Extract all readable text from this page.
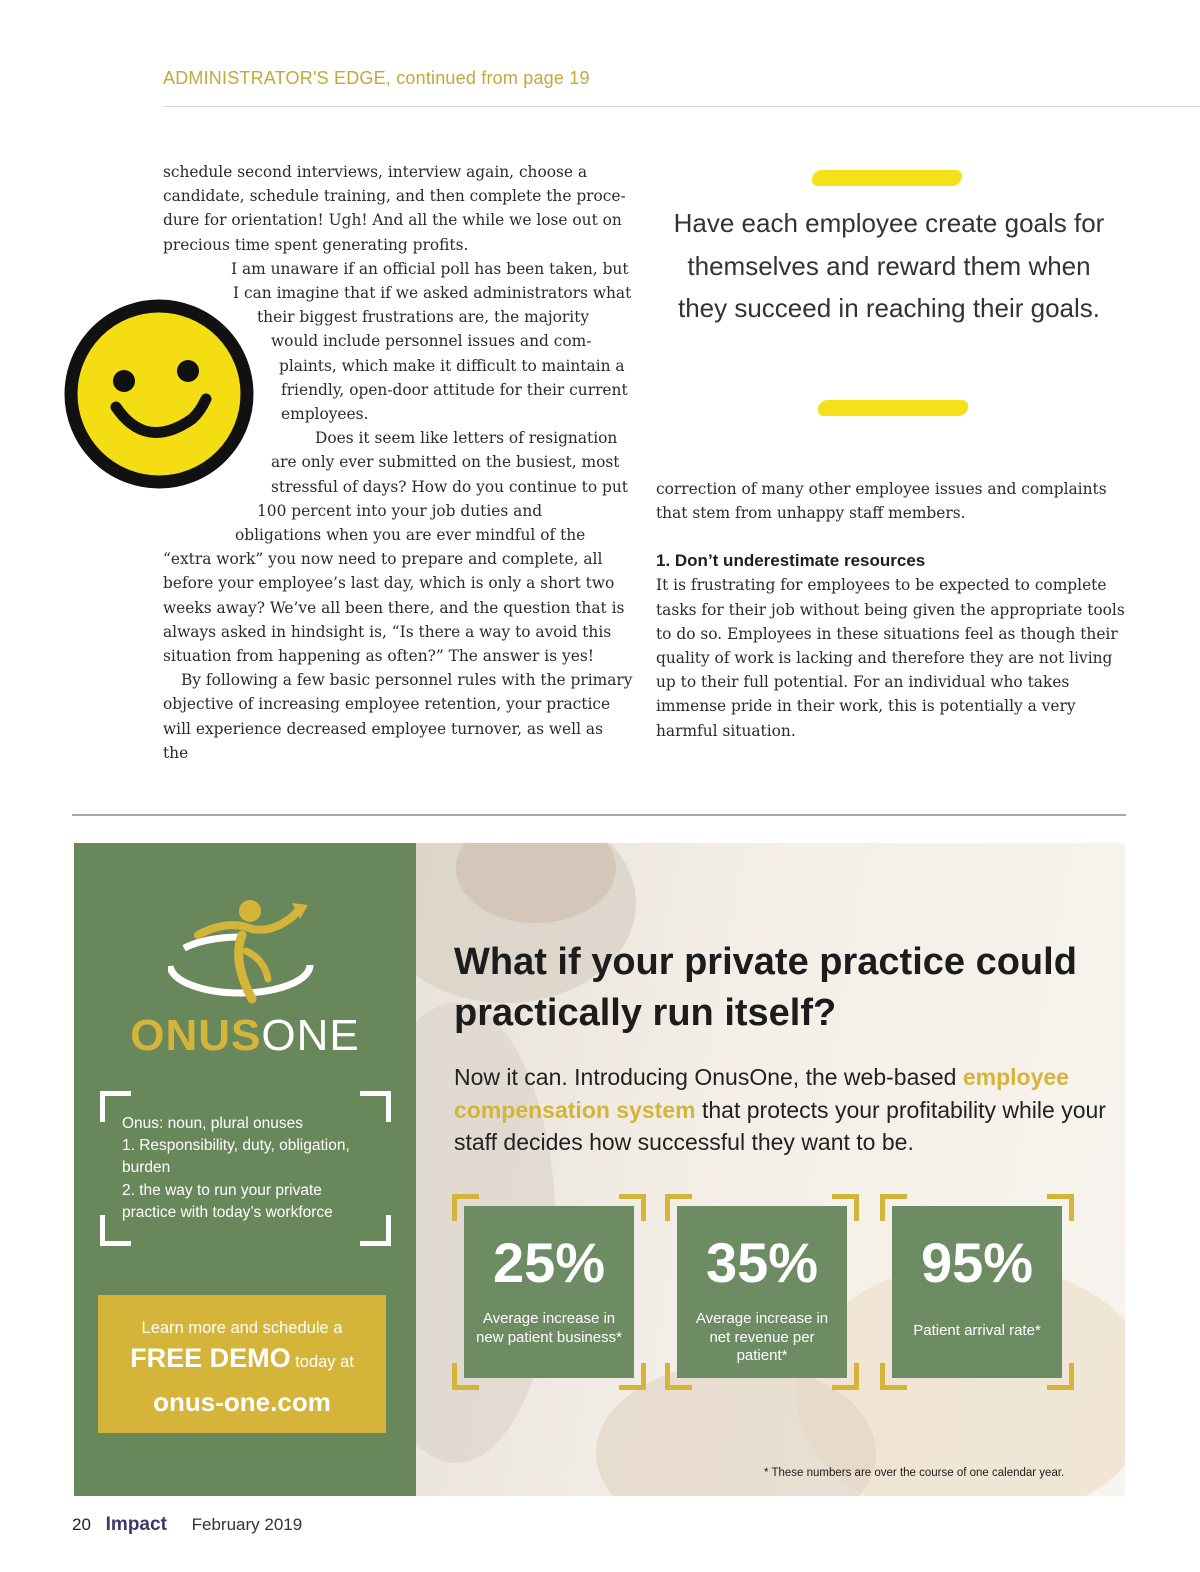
ADMINISTRATOR'S EDGE, continued from page 19

schedule second interviews, interview again, choose a candidate, schedule training, and then complete the proce-dure for orientation! Ugh! And all the while we lose out on precious time spent generating profits.

I am unaware if an official poll has been taken, but I can imagine that if we asked administrators what their biggest frustrations are, the majority would include personnel issues and com-plaints, which make it difficult to maintain a friendly, open-door attitude for their current employees.

Does it seem like letters of resignation are only ever submitted on the busiest, most stressful of days? How do you continue to put 100 percent into your job duties and obligations when you are ever mindful of the “extra work” you now need to prepare and complete, all before your employee’s last day, which is only a short two weeks away? We’ve all been there, and the question that is always asked in hindsight is, “Is there a way to avoid this situation from happening as often?” The answer is yes!

By following a few basic personnel rules with the primary objective of increasing employee retention, your practice will experience decreased employee turnover, as well as the

Have each employee create goals for themselves and reward them when they succeed in reaching their goals.

correction of many other employee issues and complaints that stem from unhappy staff members.

1. Don’t underestimate resources

It is frustrating for employees to be expected to complete tasks for their job without being given the appropriate tools to do so. Employees in these situations feel as though their quality of work is lacking and therefore they are not living up to their full potential. For an individual who takes immense pride in their work, this is potentially a very harmful situation.

ONUSONE
Onus: noun, plural onuses
1. Responsibility, duty, obligation, burden
2. the way to run your private practice with today’s workforce
Learn more and schedule a
FREE DEMO today at
onus-one.com
What if your private practice could practically run itself?
Now it can. Introducing OnusOne, the web-based employee compensation system that protects your profitability while your staff decides how successful they want to be.
25%
Average increase in new patient business*
35%
Average increase in net revenue per patient*
95%
Patient arrival rate*
* These numbers are over the course of one calendar year.
20 Impact February 2019
